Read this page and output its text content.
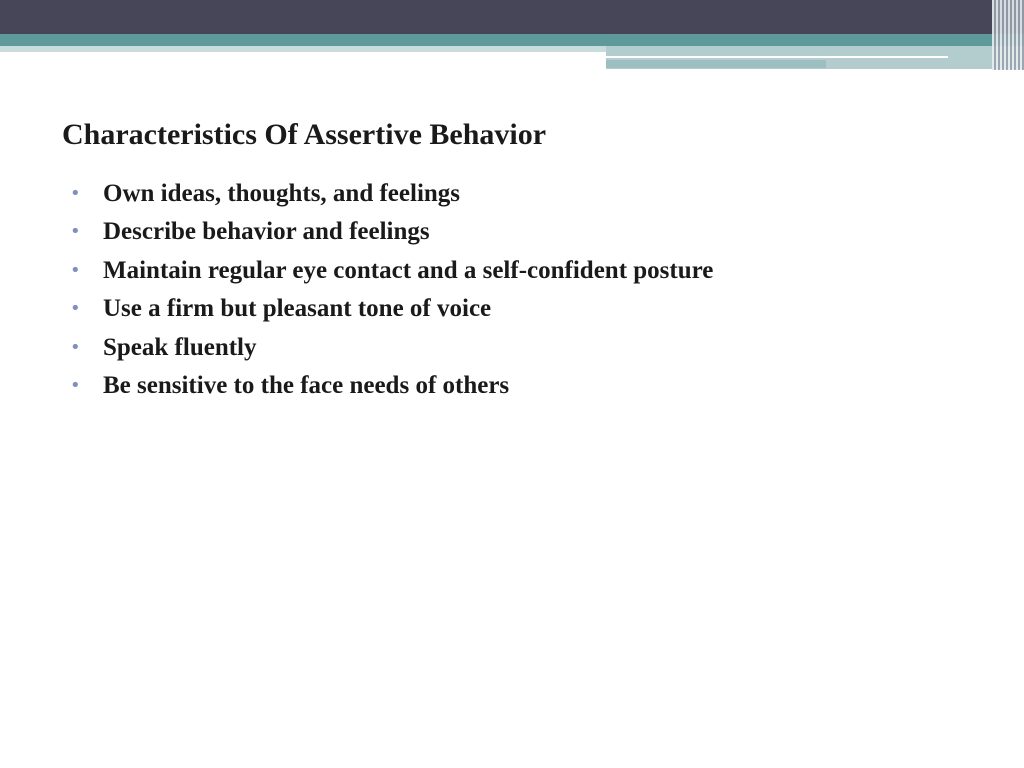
Characteristics Of Assertive Behavior
• Own ideas, thoughts, and feelings
• Describe behavior and feelings
• Maintain regular eye contact and a self-confident posture
• Use a firm but pleasant tone of voice
• Speak fluently
• Be sensitive to the face needs of others
